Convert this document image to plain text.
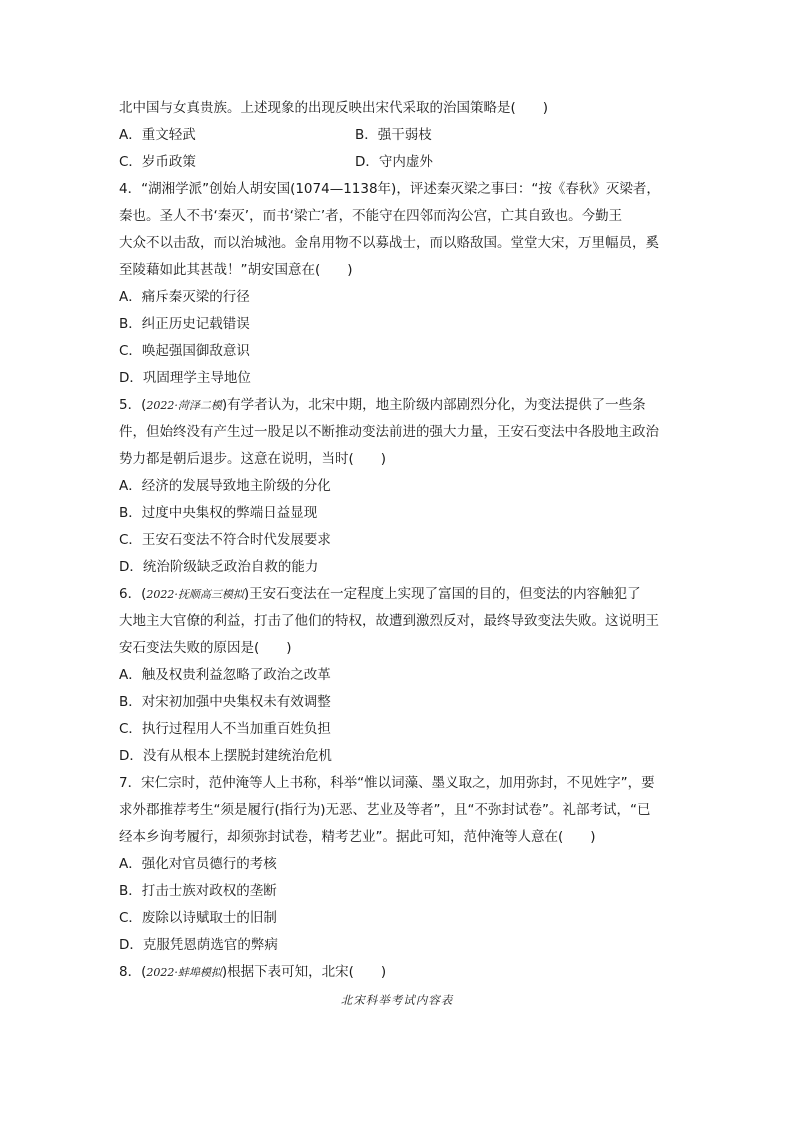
北中国与女真贵族。上述现象的出现反映出宋代采取的治国策略是(　　)
A．重文轻武	B．强干弱枝
C．岁币政策	D．守内虚外
4．“湖湘学派”创始人胡安国(1074—1138年)，评述秦灭梁之事曰：“按《春秋》灭梁者，
秦也。圣人不书‘秦灭’，而书‘梁亡’者，不能守在四邻而沟公宫，亡其自致也。今勤王
大众不以击敌，而以治城池。金帛用物不以募战士，而以赂敌国。堂堂大宋，万里幅员，奚
至陵藉如此其甚哉！”胡安国意在(　　)
A．痛斥秦灭梁的行径
B．纠正历史记载错误
C．唤起强国御敌意识
D．巩固理学主导地位
5．(2022·菏泽二模)有学者认为，北宋中期，地主阶级内部剧烈分化，为变法提供了一些条
件，但始终没有产生过一股足以不断推动变法前进的强大力量，王安石变法中各股地主政治
势力都是朝后退步。这意在说明，当时(　　)
A．经济的发展导致地主阶级的分化
B．过度中央集权的弊端日益显现
C．王安石变法不符合时代发展要求
D．统治阶级缺乏政治自救的能力
6．(2022·抚顺高三模拟)王安石变法在一定程度上实现了富国的目的，但变法的内容触犯了
大地主大官僚的利益，打击了他们的特权，故遭到激烈反对，最终导致变法失败。这说明王
安石变法失败的原因是(　　)
A．触及权贵利益忽略了政治之改革
B．对宋初加强中央集权未有效调整
C．执行过程用人不当加重百姓负担
D．没有从根本上摆脱封建统治危机
7．宋仁宗时，范仲淹等人上书称，科举“惟以词藻、墨义取之，加用弥封，不见姓字”，要
求外郡推荐考生“须是履行(指行为)无恶、艺业及等者”，且“不弥封试卷”。礼部考试，“已
经本乡询考履行，却须弥封试卷，精考艺业”。据此可知，范仲淹等人意在(　　)
A．强化对官员德行的考核
B．打击士族对政权的垄断
C．废除以诗赋取士的旧制
D．克服凭恩荫选官的弊病
8．(2022·蚌埠模拟)根据下表可知，北宋(　　)
北宋科举考试内容表
